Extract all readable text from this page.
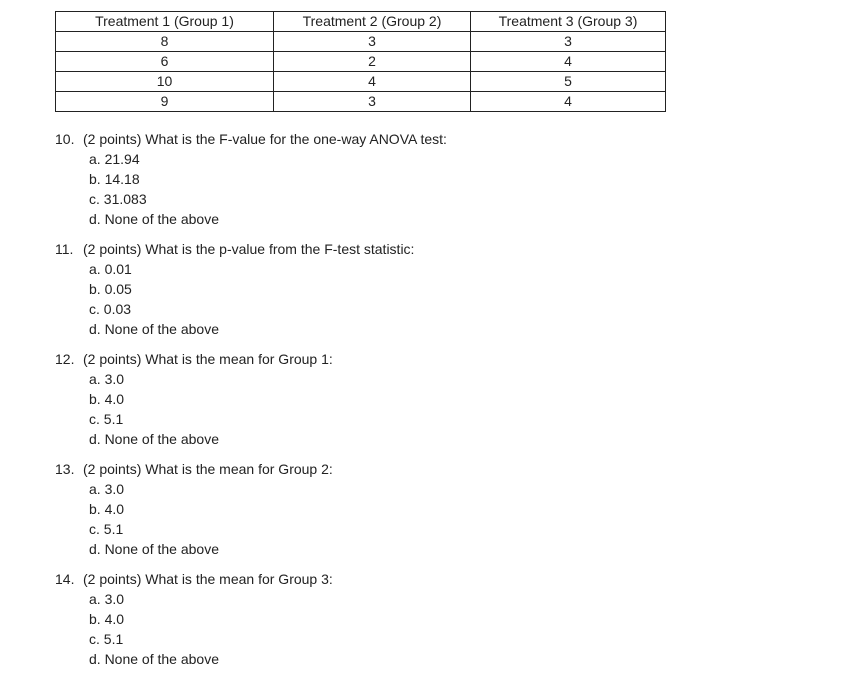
Treatment 1 (Group 1)	Treatment 2 (Group 2)	Treatment 3 (Group 3)
8	3	3
6	2	4
10	4	5
9	3	4
10. (2 points) What is the F-value for the one-way ANOVA test:
a. 21.94
b. 14.18
c. 31.083
d. None of the above
11. (2 points) What is the p-value from the F-test statistic:
a. 0.01
b. 0.05
c. 0.03
d. None of the above
12. (2 points) What is the mean for Group 1:
a. 3.0
b. 4.0
c. 5.1
d. None of the above
13. (2 points) What is the mean for Group 2:
a. 3.0
b. 4.0
c. 5.1
d. None of the above
14. (2 points) What is the mean for Group 3:
a. 3.0
b. 4.0
c. 5.1
d. None of the above
